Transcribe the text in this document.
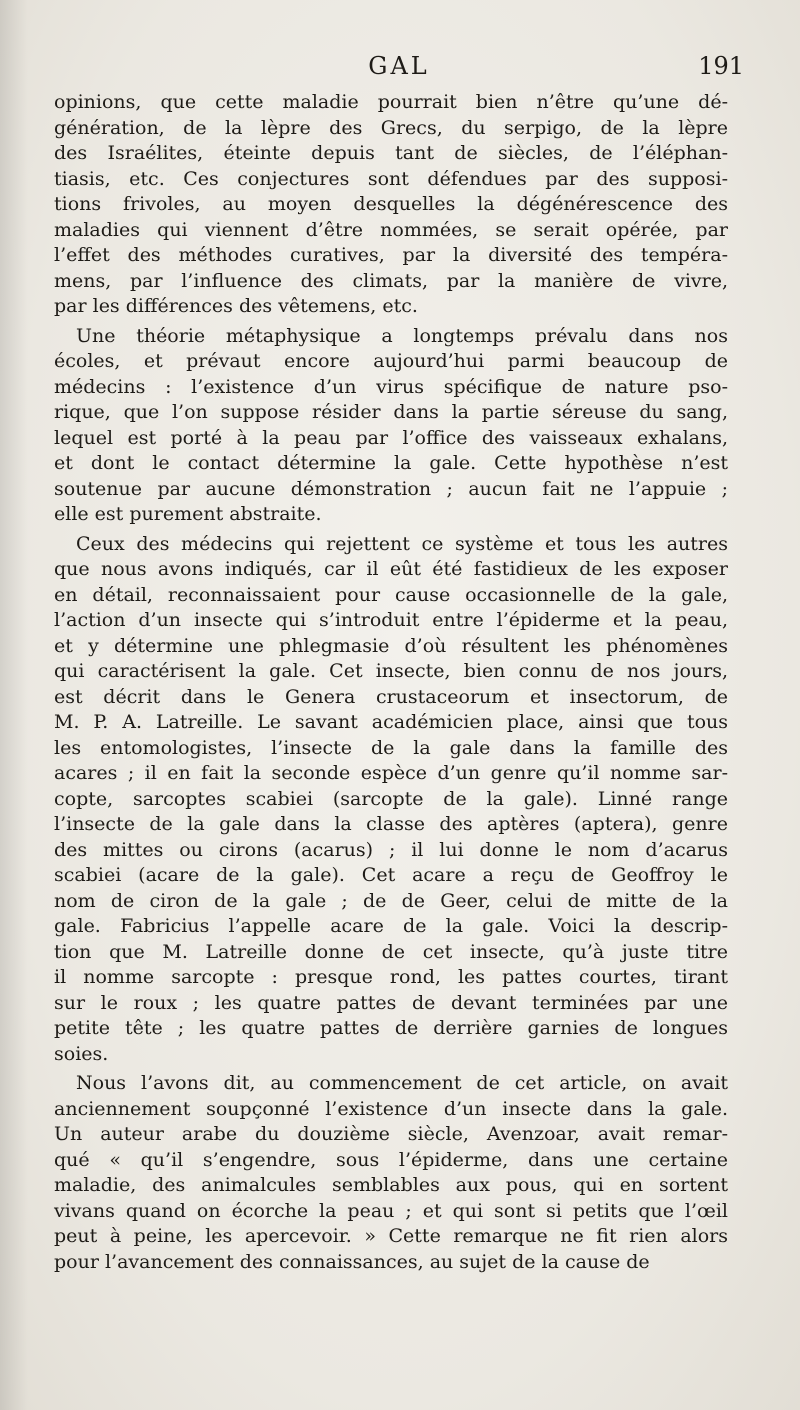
GAL	191
opinions, que cette maladie pourrait bien n’être qu’une dé-
génération, de la lèpre des Grecs, du serpigo, de la lèpre
des Israélites, éteinte depuis tant de siècles, de l’éléphan-
tiasis, etc. Ces conjectures sont défendues par des supposi-
tions frivoles, au moyen desquelles la dégénérescence des
maladies qui viennent d’être nommées, se serait opérée, par
l’effet des méthodes curatives, par la diversité des tempéra-
mens, par l’influence des climats, par la manière de vivre,
par les différences des vêtemens, etc.
Une théorie métaphysique a longtemps prévalu dans nos
écoles, et prévaut encore aujourd’hui parmi beaucoup de
médecins : l’existence d’un virus spécifique de nature pso-
rique, que l’on suppose résider dans la partie séreuse du sang,
lequel est porté à la peau par l’office des vaisseaux exhalans,
et dont le contact détermine la gale. Cette hypothèse n’est
soutenue par aucune démonstration ; aucun fait ne l’appuie ;
elle est purement abstraite.
Ceux des médecins qui rejettent ce système et tous les autres
que nous avons indiqués, car il eût été fastidieux de les exposer
en détail, reconnaissaient pour cause occasionnelle de la gale,
l’action d’un insecte qui s’introduit entre l’épiderme et la peau,
et y détermine une phlegmasie d’où résultent les phénomènes
qui caractérisent la gale. Cet insecte, bien connu de nos jours,
est décrit dans le Genera crustaceorum et insectorum, de
M. P. A. Latreille. Le savant académicien place, ainsi que tous
les entomologistes, l’insecte de la gale dans la famille des
acares ; il en fait la seconde espèce d’un genre qu’il nomme sar-
copte, sarcoptes scabiei (sarcopte de la gale). Linné range
l’insecte de la gale dans la classe des aptères (aptera), genre
des mittes ou cirons (acarus) ; il lui donne le nom d’acarus
scabiei (acare de la gale). Cet acare a reçu de Geoffroy le
nom de ciron de la gale ; de de Geer, celui de mitte de la
gale. Fabricius l’appelle acare de la gale. Voici la descrip-
tion que M. Latreille donne de cet insecte, qu’à juste titre
il nomme sarcopte : presque rond, les pattes courtes, tirant
sur le roux ; les quatre pattes de devant terminées par une
petite tête ; les quatre pattes de derrière garnies de longues
soies.
Nous l’avons dit, au commencement de cet article, on avait
anciennement soupçonné l’existence d’un insecte dans la gale.
Un auteur arabe du douzième siècle, Avenzoar, avait remar-
qué « qu’il s’engendre, sous l’épiderme, dans une certaine
maladie, des animalcules semblables aux pous, qui en sortent
vivans quand on écorche la peau ; et qui sont si petits que l’œil
peut à peine, les apercevoir. » Cette remarque ne fit rien alors
pour l’avancement des connaissances, au sujet de la cause de
